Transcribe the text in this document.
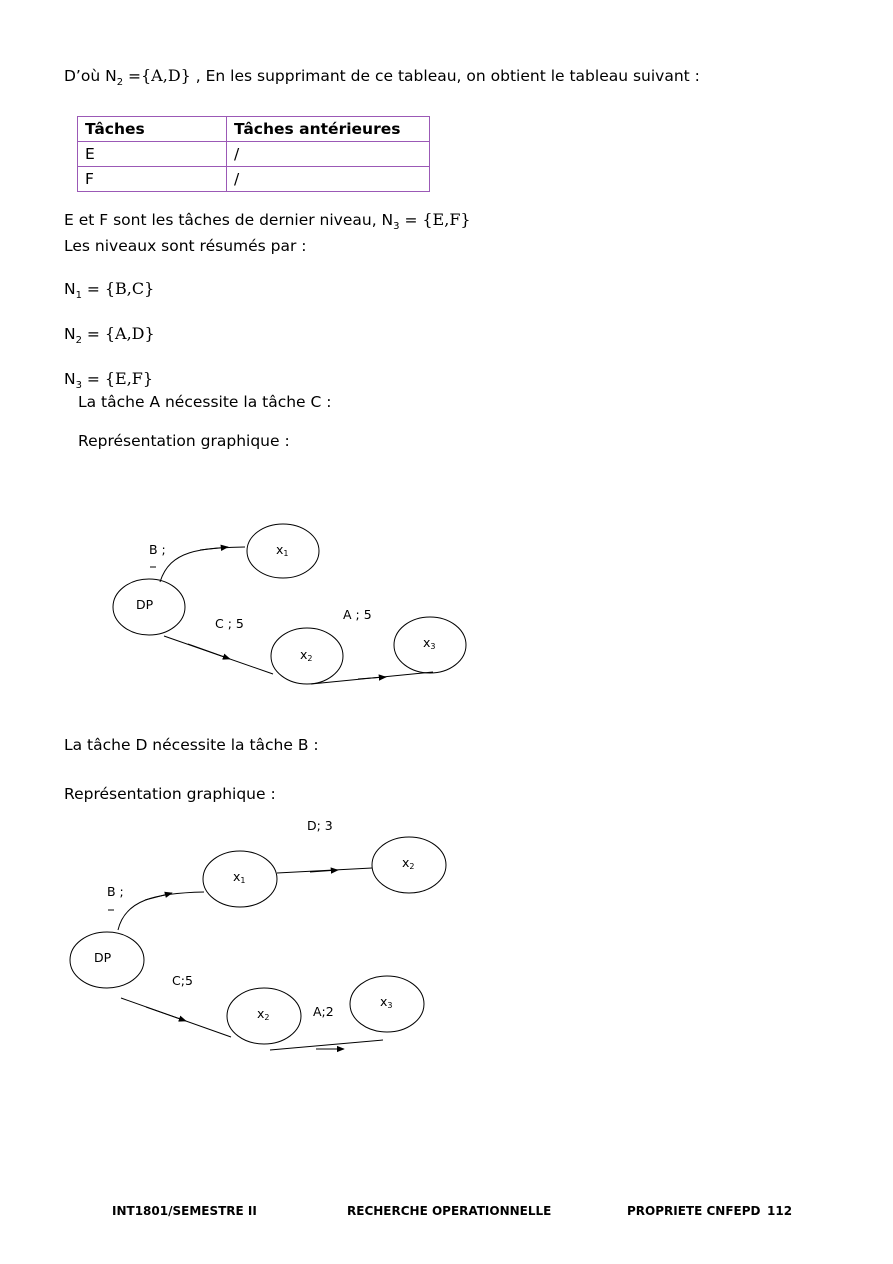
D’où $N_2 =\{A,D\}$ , En les supprimant de ce tableau, on obtient le tableau suivant :
Tâches	Tâches antérieures
E	/
F	/
E et F sont les tâches de dernier niveau, $N_3 = \{E,F\}$
Les niveaux sont résumés par :
$N_1 = \{B,C\}$
$N_2 = \{A,D\}$
$N_3 = \{E,F\}$
La tâche A nécessite la tâche C :
Représentation graphique :
DP
x1
x2
x3
B ;
C ; 5
A ; 5
La tâche D nécessite la tâche B :
Représentation graphique :
DP
x1
x2
x2
x3
B ;
D; 3
C;5
A;2
INT1801/SEMESTRE II	RECHERCHE OPERATIONNELLE	PROPRIETE CNFEPD 112
